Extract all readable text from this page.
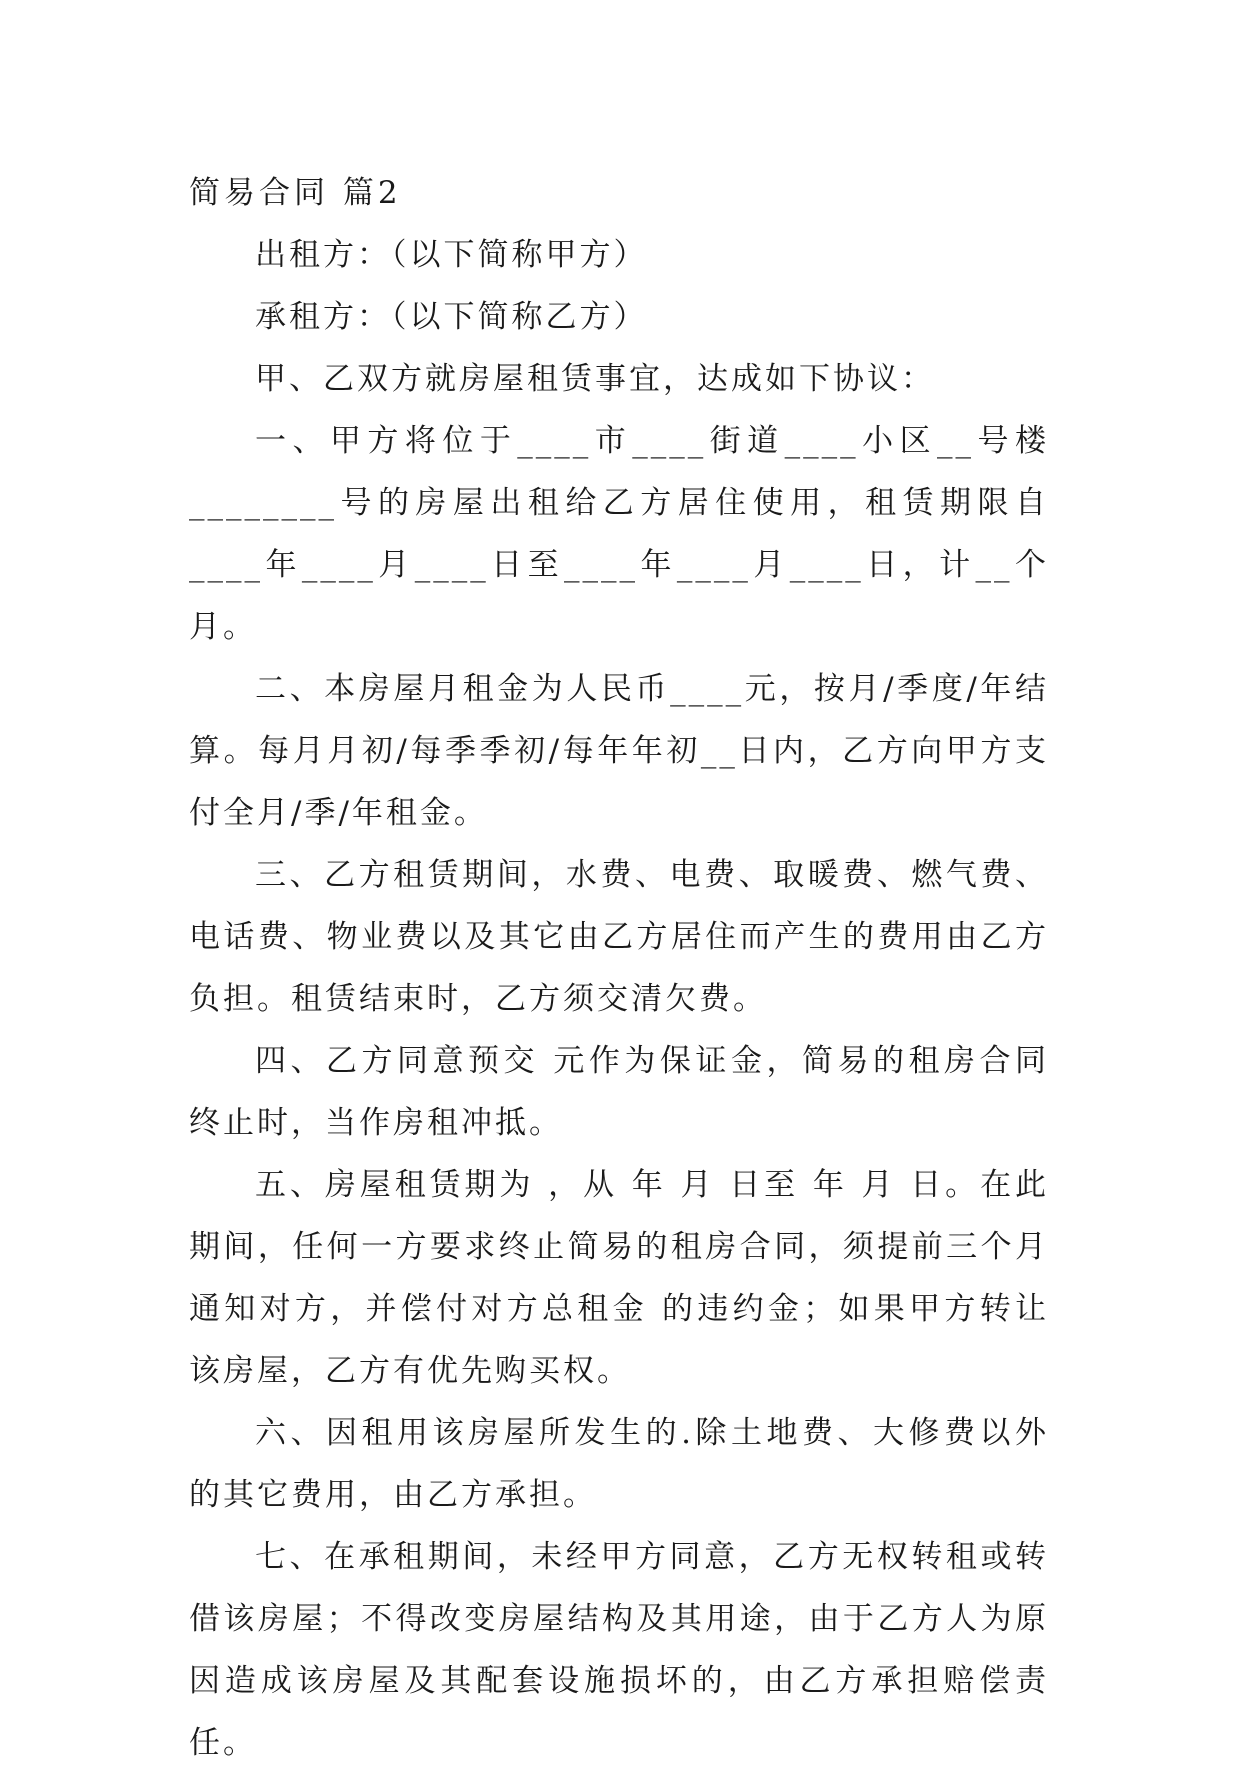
简易合同 篇2

出租方：（以下简称甲方）

承租方：（以下简称乙方）

甲、乙双方就房屋租赁事宜，达成如下协议：

一、甲方将位于____市____街道____小区__号楼________号的房屋出租给乙方居住使用，租赁期限自____年____月____日至____年____月____日，计__个月。

二、本房屋月租金为人民币____元，按月/季度/年结算。每月月初/每季季初/每年年初__日内，乙方向甲方支付全月/季/年租金。

三、乙方租赁期间，水费、电费、取暖费、燃气费、电话费、物业费以及其它由乙方居住而产生的费用由乙方负担。租赁结束时，乙方须交清欠费。

四、乙方同意预交 元作为保证金，简易的租房合同终止时，当作房租冲抵。

五、房屋租赁期为 ，从 年 月 日至 年 月 日。在此期间，任何一方要求终止简易的租房合同，须提前三个月通知对方，并偿付对方总租金 的违约金；如果甲方转让该房屋，乙方有优先购买权。

六、因租用该房屋所发生的.除土地费、大修费以外的其它费用，由乙方承担。

七、在承租期间，未经甲方同意，乙方无权转租或转借该房屋；不得改变房屋结构及其用途，由于乙方人为原因造成该房屋及其配套设施损坏的，由乙方承担赔偿责任。
